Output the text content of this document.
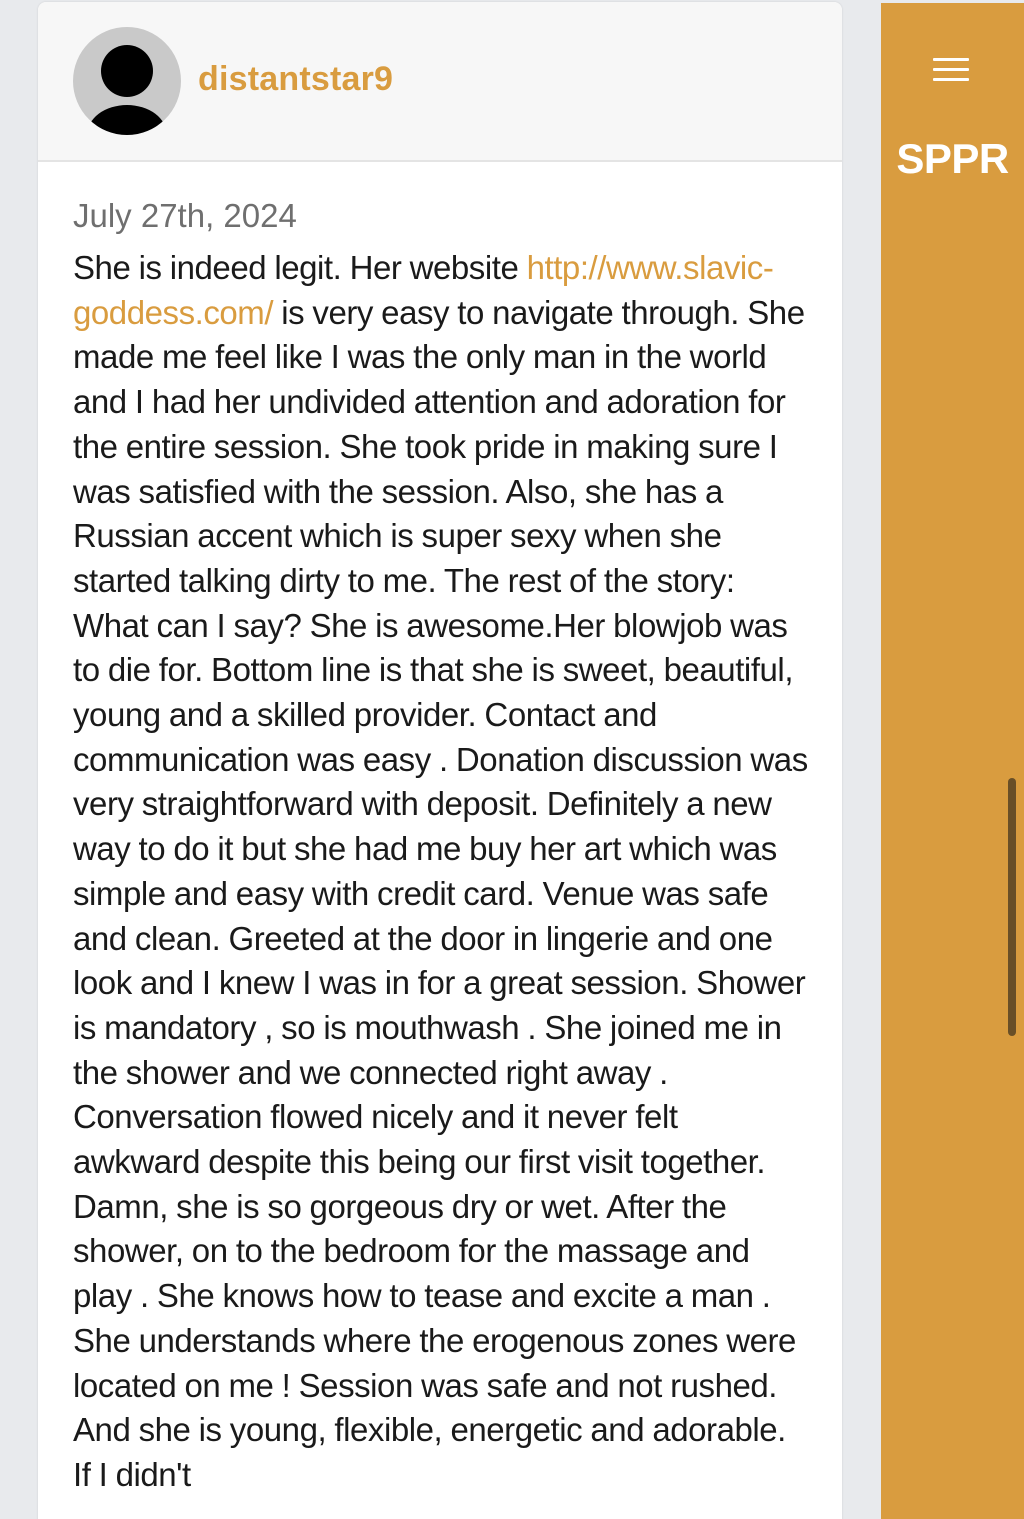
distantstar9
July 27th, 2024

She is indeed legit. Her website http://www.slavic-goddess.com/ is very easy to navigate through. She made me feel like I was the only man in the world and I had her undivided attention and adoration for the entire session. She took pride in making sure I was satisfied with the session. Also, she has a Russian accent which is super sexy when she started talking dirty to me. The rest of the story: What can I say? She is awesome.Her blowjob was to die for. Bottom line is that she is sweet, beautiful, young and a skilled provider. Contact and communication was easy . Donation discussion was very straightforward with deposit. Definitely a new way to do it but she had me buy her art which was simple and easy with credit card. Venue was safe and clean. Greeted at the door in lingerie and one look and I knew I was in for a great session. Shower is mandatory , so is mouthwash . She joined me in the shower and we connected right away . Conversation flowed nicely and it never felt awkward despite this being our first visit together. Damn, she is so gorgeous dry or wet. After the shower, on to the bedroom for the massage and play . She knows how to tease and excite a man . She understands where the erogenous zones were located on me ! Session was safe and not rushed. And she is young, flexible, energetic and adorable. If I didn't

SPPR
